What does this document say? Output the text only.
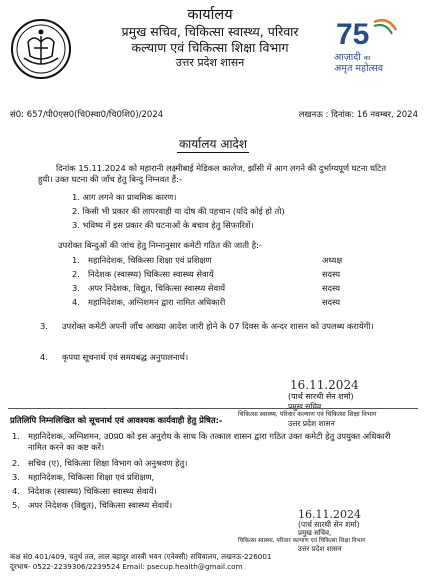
कार्यालय
प्रमुख सचिव, चिकित्सा स्वास्थ्य, परिवार
कल्याण एवं चिकित्सा शिक्षा विभाग
उत्तर प्रदेश शासन
75
आज़ादी का
अमृत महोत्सव
सं0: 657/पी0एस0(चि0स्वा0/चि0शि0)/2024	लखनऊ : दिनांक: 16 नवम्बर, 2024
कार्यालय आदेश
दिनांक 15.11.2024 को महारानी लक्ष्मीबाई मेडिकल कालेज, झाँसी में आग लगने की दुर्भाग्यपूर्ण घटना घटित हुयी। उक्त घटना की जाँच हेतु बिन्दु निम्नवत हैं:-
1. आग लगने का प्राथमिक कारण।
2. किसी भी प्रकार की लापरवाही या दोष की पहचान (यदि कोई हो तो)
3. भविष्य में इस प्रकार की घटनाओं के बचाव हेतु सिफारिशें।
उपरोक्त बिन्दुओं की जांच हेतु निम्नानुसार कमेटी गठित की जाती है:-
1. महानिदेशक, चिकित्सा शिक्षा एवं प्रशिक्षण	अध्यक्ष
2. निदेशक (स्वास्थ्य) चिकित्सा स्वास्थ्य सेवायें	सदस्य
3. अपर निदेशक, विद्युत, चिकित्सा स्वास्थ्य सेवायें	सदस्य
4. महानिदेशक, अग्निशमन द्वारा नामित अधिकारी	सदस्य
3. उपरोक्त कमेटी अपनी जाँच आख्या आदेश जारी होने के 07 दिवस के अन्दर शासन को उपलब्ध करायेगी।
4. कृपया सूचनार्थ एवं समयबद्ध अनुपालनार्थ।
16.11.2024
(पार्थ सारथी सेन शर्मा)
प्रमुख सचिव,
चिकित्सा स्वास्थ्य, परिवार कल्याण एवं चिकित्सा शिक्षा विभाग
उत्तर प्रदेश शासन
प्रतिलिपि निम्नलिखित को सूचनार्थ एवं आवश्यक कार्यवाही हेतु प्रेषित:-
1. महानिदेशक, अग्निशमन, उ0प्र0 को इस अनुरोध के साथ कि तत्काल शासन द्वारा गठित उक्त कमेटी हेतु उपयुक्त अधिकारी नामित करने का कष्ट करें।
2. सचिव (ए), चिकित्सा शिक्षा विभाग को अनुश्रवण हेतु।
3. महानिदेशक, चिकित्सा शिक्षा एवं प्रशिक्षण,
4. निदेशक (स्वास्थ्य) चिकित्सा स्वास्थ्य सेवायें।
5. अपर निदेशक (विद्युत), चिकित्सा स्वास्थ्य सेवायें।
16.11.2024
(पार्थ सारथी सेन शर्मा)
प्रमुख सचिव,
चिकित्सा स्वास्थ्य, परिवार कल्याण एवं चिकित्सा शिक्षा विभाग
उत्तर प्रदेश शासन
कक्ष सं0 401/409, चतुर्थ तल, लाल बहादुर शास्त्री भवन (एनेक्सी) सचिवालय, लखनऊ-226001
दूरभाष- 0522-2239306/2239524 Email: psecup.health@gmail.com
